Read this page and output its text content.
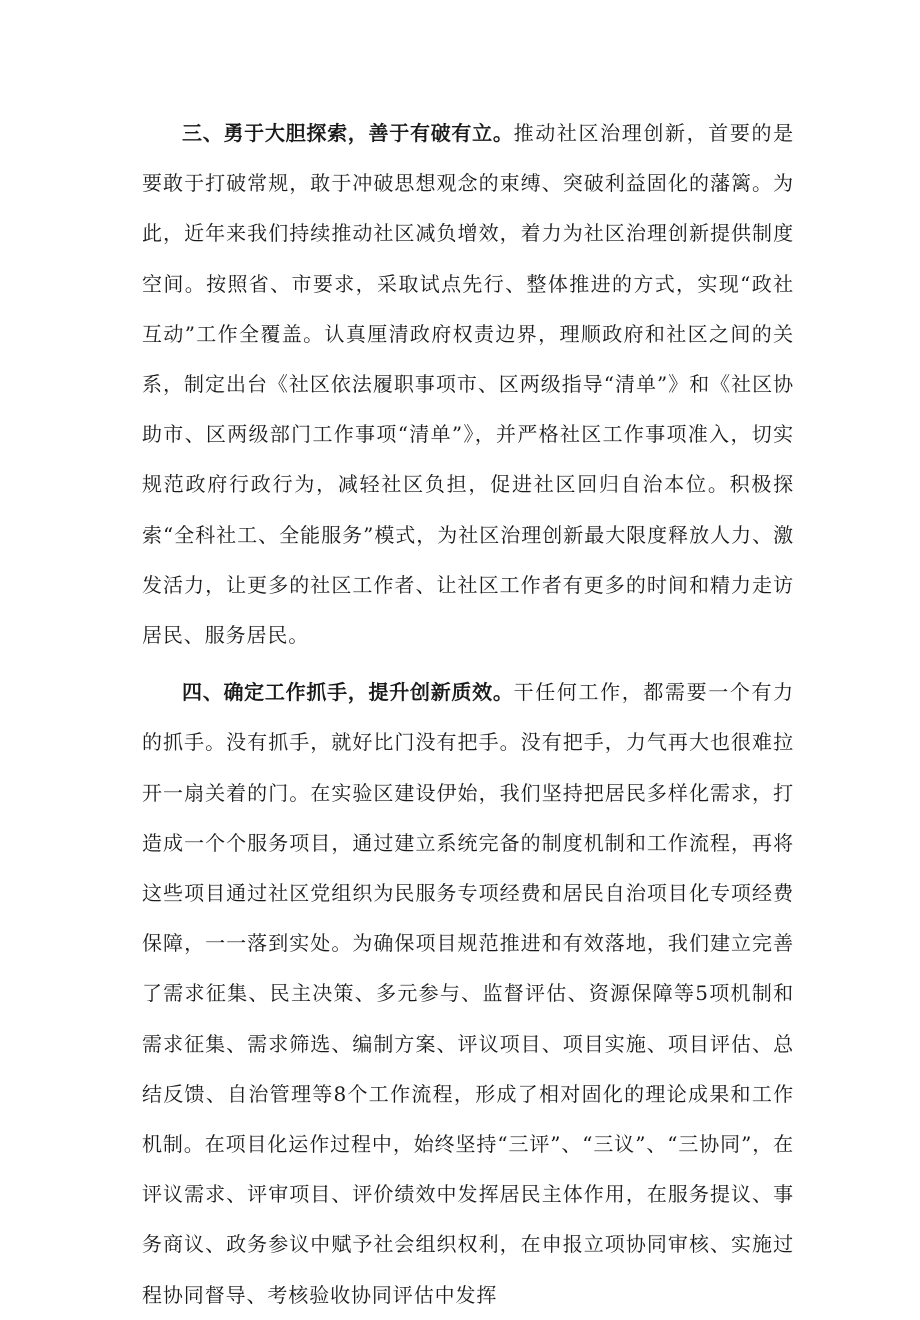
三、勇于大胆探索，善于有破有立。推动社区治理创新，首要的是要敢于打破常规，敢于冲破思想观念的束缚、突破利益固化的藩篱。为此，近年来我们持续推动社区减负增效，着力为社区治理创新提供制度空间。按照省、市要求，采取试点先行、整体推进的方式，实现“政社互动”工作全覆盖。认真厘清政府权责边界，理顺政府和社区之间的关系，制定出台《社区依法履职事项市、区两级指导“清单”》和《社区协助市、区两级部门工作事项“清单”》，并严格社区工作事项准入，切实规范政府行政行为，减轻社区负担，促进社区回归自治本位。积极探索“全科社工、全能服务”模式，为社区治理创新最大限度释放人力、激发活力，让更多的社区工作者、让社区工作者有更多的时间和精力走访居民、服务居民。

四、确定工作抓手，提升创新质效。干任何工作，都需要一个有力的抓手。没有抓手，就好比门没有把手。没有把手，力气再大也很难拉开一扇关着的门。在实验区建设伊始，我们坚持把居民多样化需求，打造成一个个服务项目，通过建立系统完备的制度机制和工作流程，再将这些项目通过社区党组织为民服务专项经费和居民自治项目化专项经费保障，一一落到实处。为确保项目规范推进和有效落地，我们建立完善了需求征集、民主决策、多元参与、监督评估、资源保障等5项机制和需求征集、需求筛选、编制方案、评议项目、项目实施、项目评估、总结反馈、自治管理等8个工作流程，形成了相对固化的理论成果和工作机制。在项目化运作过程中，始终坚持“三评”、“三议”、“三协同”，在评议需求、评审项目、评价绩效中发挥居民主体作用，在服务提议、事务商议、政务参议中赋予社会组织权利，在申报立项协同审核、实施过程协同督导、考核验收协同评估中发挥
